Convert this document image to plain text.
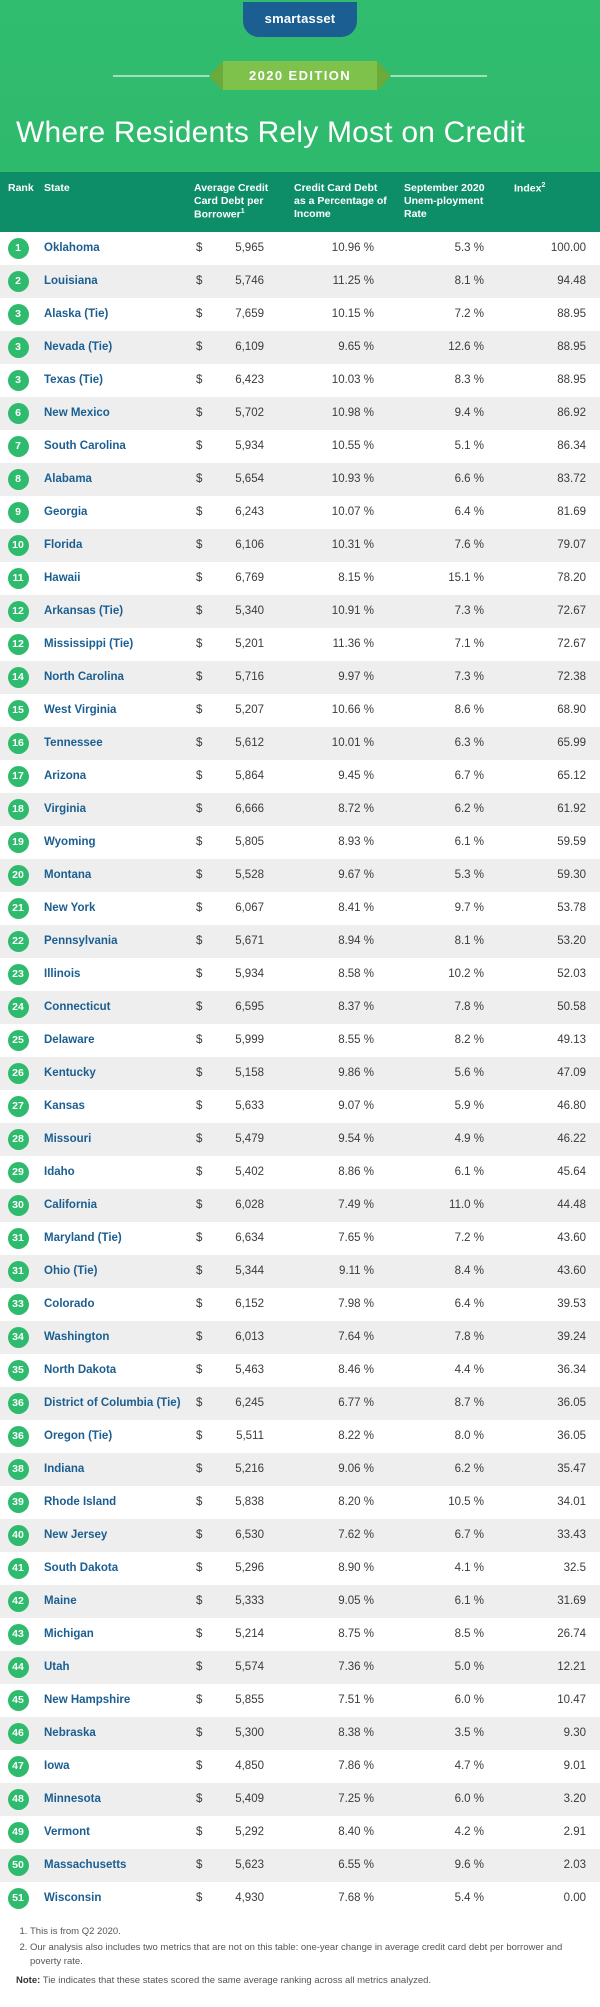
smartasset
2020 EDITION
Where Residents Rely Most on Credit
Rank	State	Average Credit Card Debt per Borrower$^1$	Credit Card Debt as a Percentage of Income	September 2020 Unem-ployment Rate	Index$^2$
1	Oklahoma	$ 5,965	10.96 %	5.3 %	100.00
2	Louisiana	$ 5,746	11.25 %	8.1 %	94.48
3	Alaska (Tie)	$ 7,659	10.15 %	7.2 %	88.95
3	Nevada (Tie)	$ 6,109	9.65 %	12.6 %	88.95
3	Texas (Tie)	$ 6,423	10.03 %	8.3 %	88.95
6	New Mexico	$ 5,702	10.98 %	9.4 %	86.92
7	South Carolina	$ 5,934	10.55 %	5.1 %	86.34
8	Alabama	$ 5,654	10.93 %	6.6 %	83.72
9	Georgia	$ 6,243	10.07 %	6.4 %	81.69
10	Florida	$ 6,106	10.31 %	7.6 %	79.07
11	Hawaii	$ 6,769	8.15 %	15.1 %	78.20
12	Arkansas (Tie)	$ 5,340	10.91 %	7.3 %	72.67
12	Mississippi (Tie)	$ 5,201	11.36 %	7.1 %	72.67
14	North Carolina	$ 5,716	9.97 %	7.3 %	72.38
15	West Virginia	$ 5,207	10.66 %	8.6 %	68.90
16	Tennessee	$ 5,612	10.01 %	6.3 %	65.99
17	Arizona	$ 5,864	9.45 %	6.7 %	65.12
18	Virginia	$ 6,666	8.72 %	6.2 %	61.92
19	Wyoming	$ 5,805	8.93 %	6.1 %	59.59
20	Montana	$ 5,528	9.67 %	5.3 %	59.30
21	New York	$ 6,067	8.41 %	9.7 %	53.78
22	Pennsylvania	$ 5,671	8.94 %	8.1 %	53.20
23	Illinois	$ 5,934	8.58 %	10.2 %	52.03
24	Connecticut	$ 6,595	8.37 %	7.8 %	50.58
25	Delaware	$ 5,999	8.55 %	8.2 %	49.13
26	Kentucky	$ 5,158	9.86 %	5.6 %	47.09
27	Kansas	$ 5,633	9.07 %	5.9 %	46.80
28	Missouri	$ 5,479	9.54 %	4.9 %	46.22
29	Idaho	$ 5,402	8.86 %	6.1 %	45.64
30	California	$ 6,028	7.49 %	11.0 %	44.48
31	Maryland (Tie)	$ 6,634	7.65 %	7.2 %	43.60
31	Ohio (Tie)	$ 5,344	9.11 %	8.4 %	43.60
33	Colorado	$ 6,152	7.98 %	6.4 %	39.53
34	Washington	$ 6,013	7.64 %	7.8 %	39.24
35	North Dakota	$ 5,463	8.46 %	4.4 %	36.34
36	District of Columbia (Tie)	$ 6,245	6.77 %	8.7 %	36.05
36	Oregon (Tie)	$ 5,511	8.22 %	8.0 %	36.05
38	Indiana	$ 5,216	9.06 %	6.2 %	35.47
39	Rhode Island	$ 5,838	8.20 %	10.5 %	34.01
40	New Jersey	$ 6,530	7.62 %	6.7 %	33.43
41	South Dakota	$ 5,296	8.90 %	4.1 %	32.5
42	Maine	$ 5,333	9.05 %	6.1 %	31.69
43	Michigan	$ 5,214	8.75 %	8.5 %	26.74
44	Utah	$ 5,574	7.36 %	5.0 %	12.21
45	New Hampshire	$ 5,855	7.51 %	6.0 %	10.47
46	Nebraska	$ 5,300	8.38 %	3.5 %	9.30
47	Iowa	$ 4,850	7.86 %	4.7 %	9.01
48	Minnesota	$ 5,409	7.25 %	6.0 %	3.20
49	Vermont	$ 5,292	8.40 %	4.2 %	2.91
50	Massachusetts	$ 5,623	6.55 %	9.6 %	2.03
51	Wisconsin	$ 4,930	7.68 %	5.4 %	0.00
1. This is from Q2 2020.
2. Our analysis also includes two metrics that are not on this table: one-year change in average credit card debt per borrower and poverty rate.
Note: Tie indicates that these states scored the same average ranking across all metrics analyzed.
